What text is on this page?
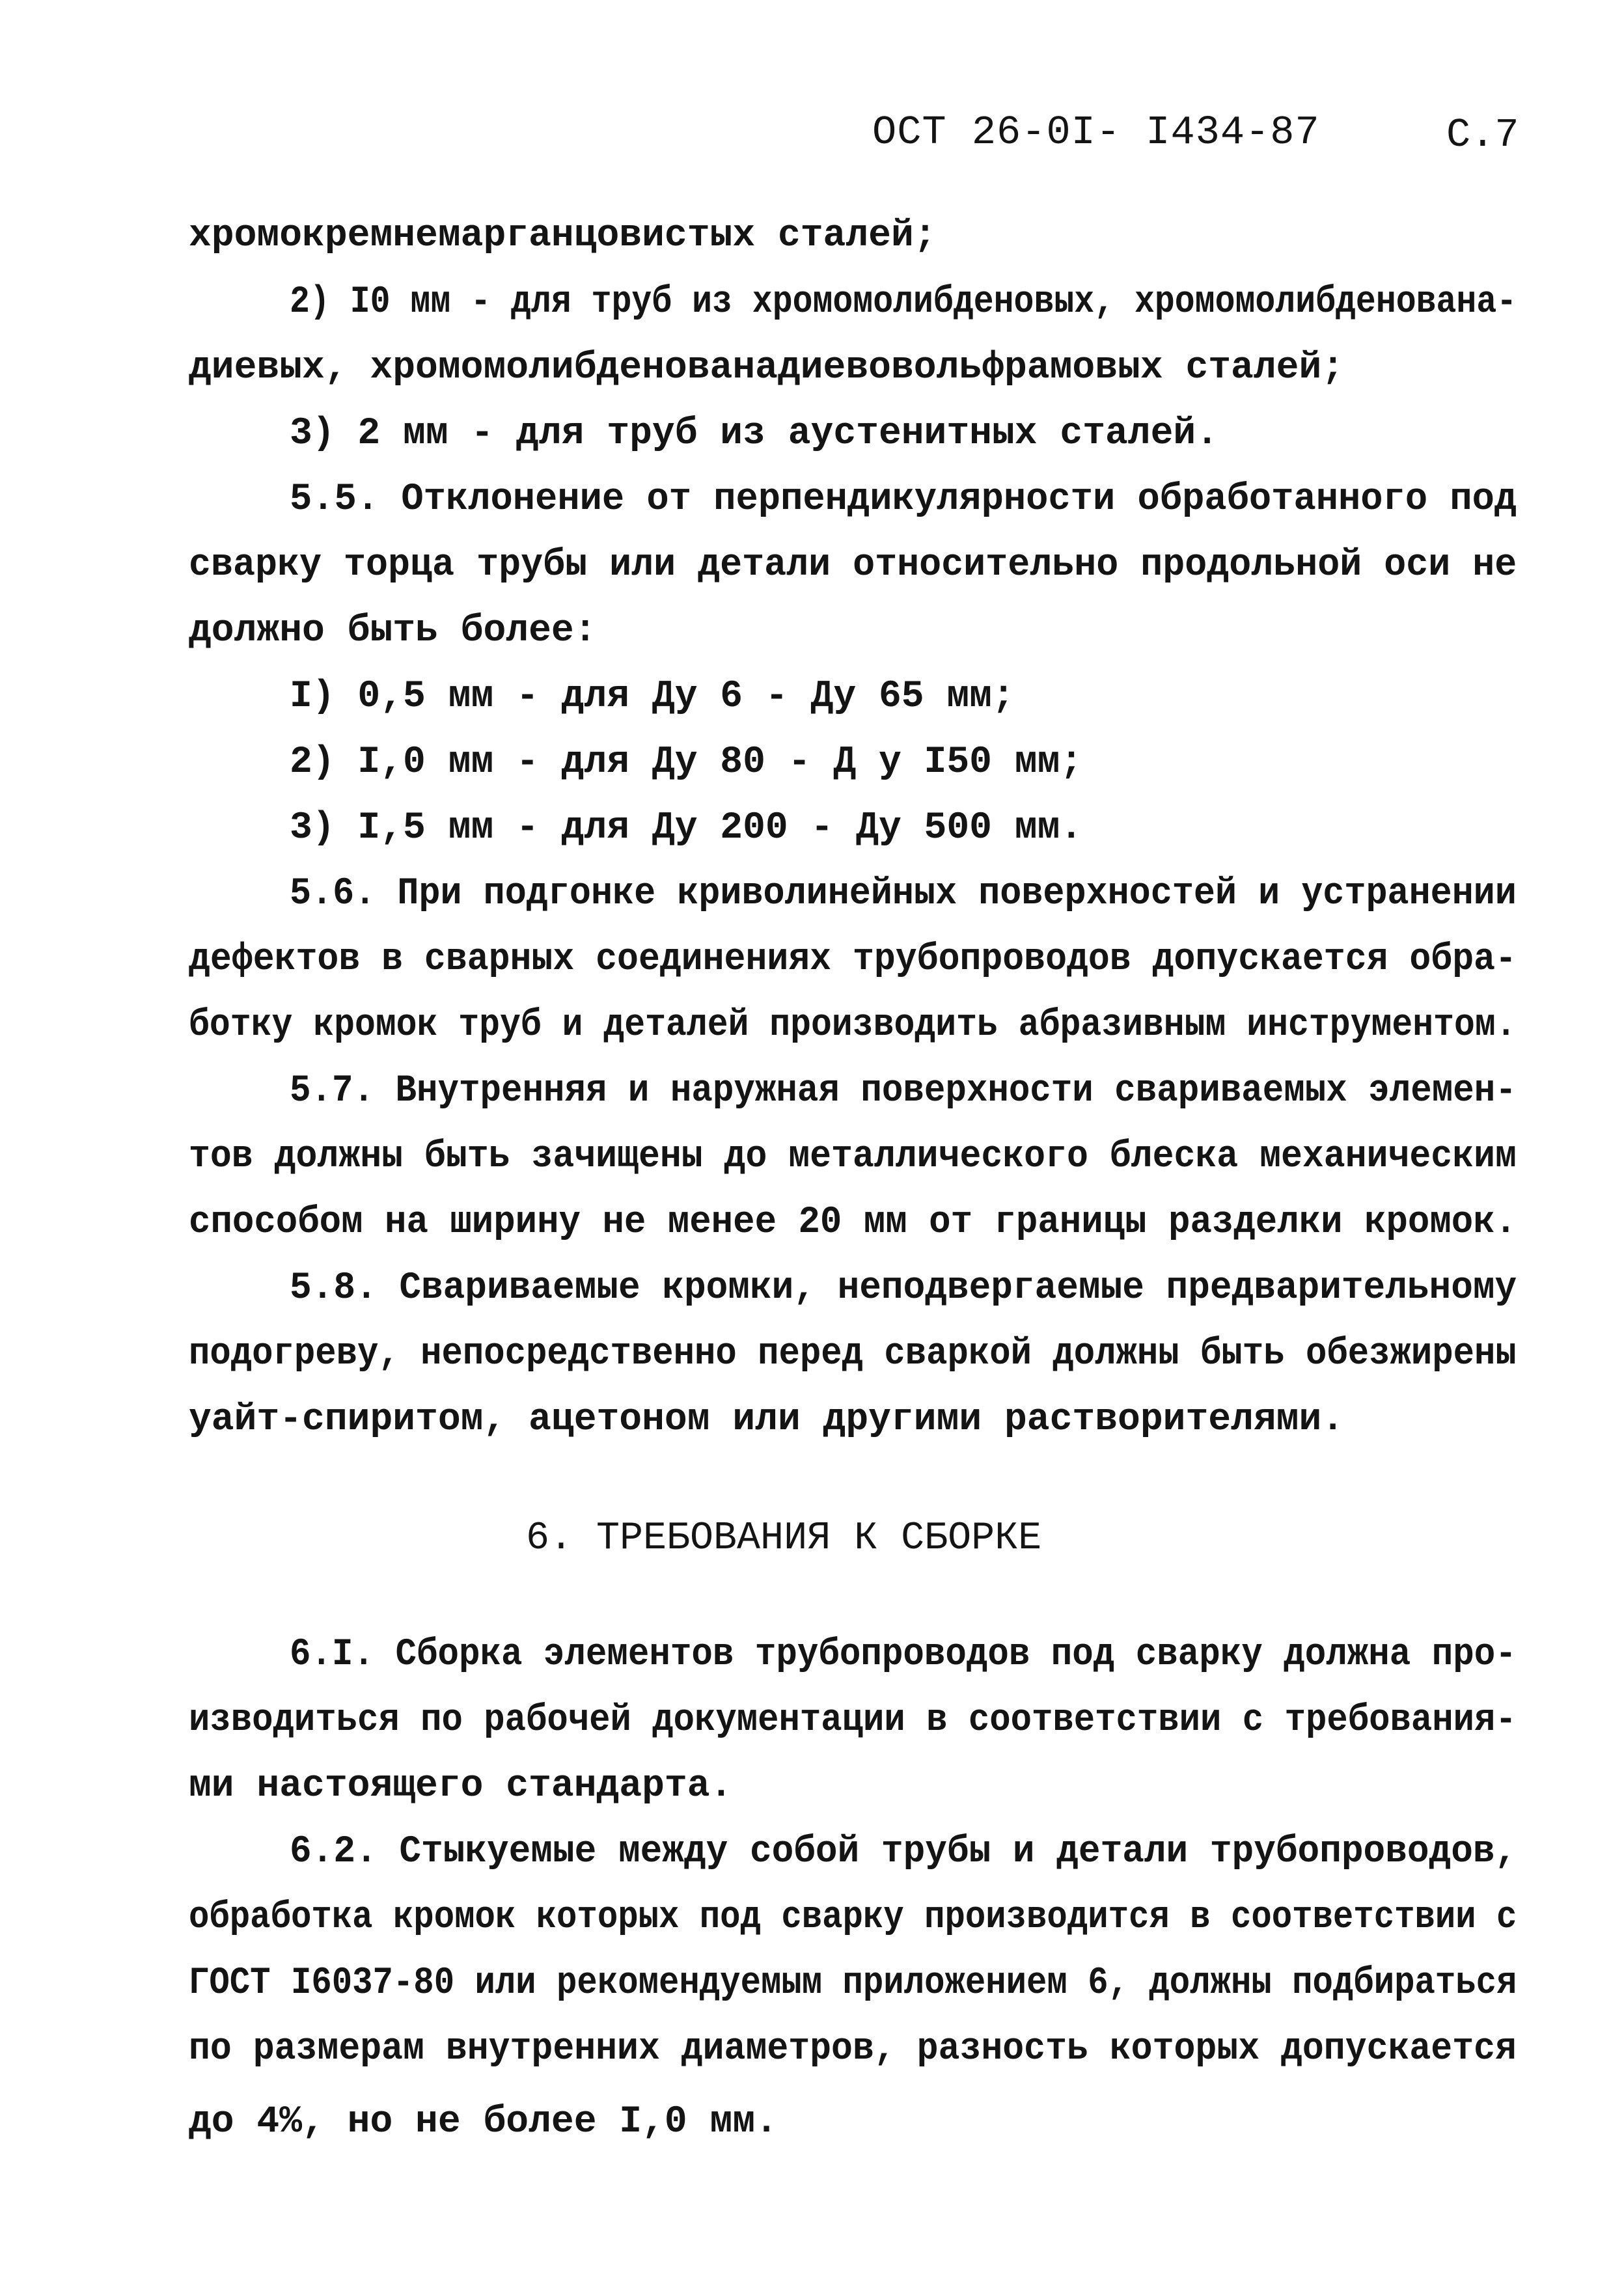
ОСТ 26-0I- I434-87	С.7
хромокремнемарганцовистых сталей;
2) I0 мм - для труб из хромомолибденовых, хромомолибденована-
диевых, хромомолибденованадиевовольфрамовых сталей;
3) 2 мм - для труб из аустенитных сталей.
5.5. Отклонение от перпендикулярности обработанного под
сварку торца трубы или детали относительно продольной оси не
должно быть более:
I) 0,5 мм - для Ду 6 - Ду 65 мм;
2) I,0 мм - для Ду 80 - Д у I50 мм;
3) I,5 мм - для Ду 200 - Ду 500 мм.
5.6. При подгонке криволинейных поверхностей и устранении
дефектов в сварных соединениях трубопроводов допускается обра-
ботку кромок труб и деталей производить абразивным инструментом.
5.7. Внутренняя и наружная поверхности свариваемых элемен-
тов должны быть зачищены до металлического блеска механическим
способом на ширину не менее 20 мм от границы разделки кромок.
5.8. Свариваемые кромки, неподвергаемые предварительному
подогреву, непосредственно перед сваркой должны быть обезжирены
уайт-спиритом, ацетоном или другими растворителями.
6. ТРЕБОВАНИЯ К СБОРКЕ
6.I. Сборка элементов трубопроводов под сварку должна про-
изводиться по рабочей документации в соответствии с требования-
ми настоящего стандарта.
6.2. Стыкуемые между собой трубы и детали трубопроводов,
обработка кромок которых под сварку производится в соответствии с
ГОСТ I6037-80 или рекомендуемым приложением 6, должны подбираться
по размерам внутренних диаметров, разность которых допускается
до 4%, но не более I,0 мм.
